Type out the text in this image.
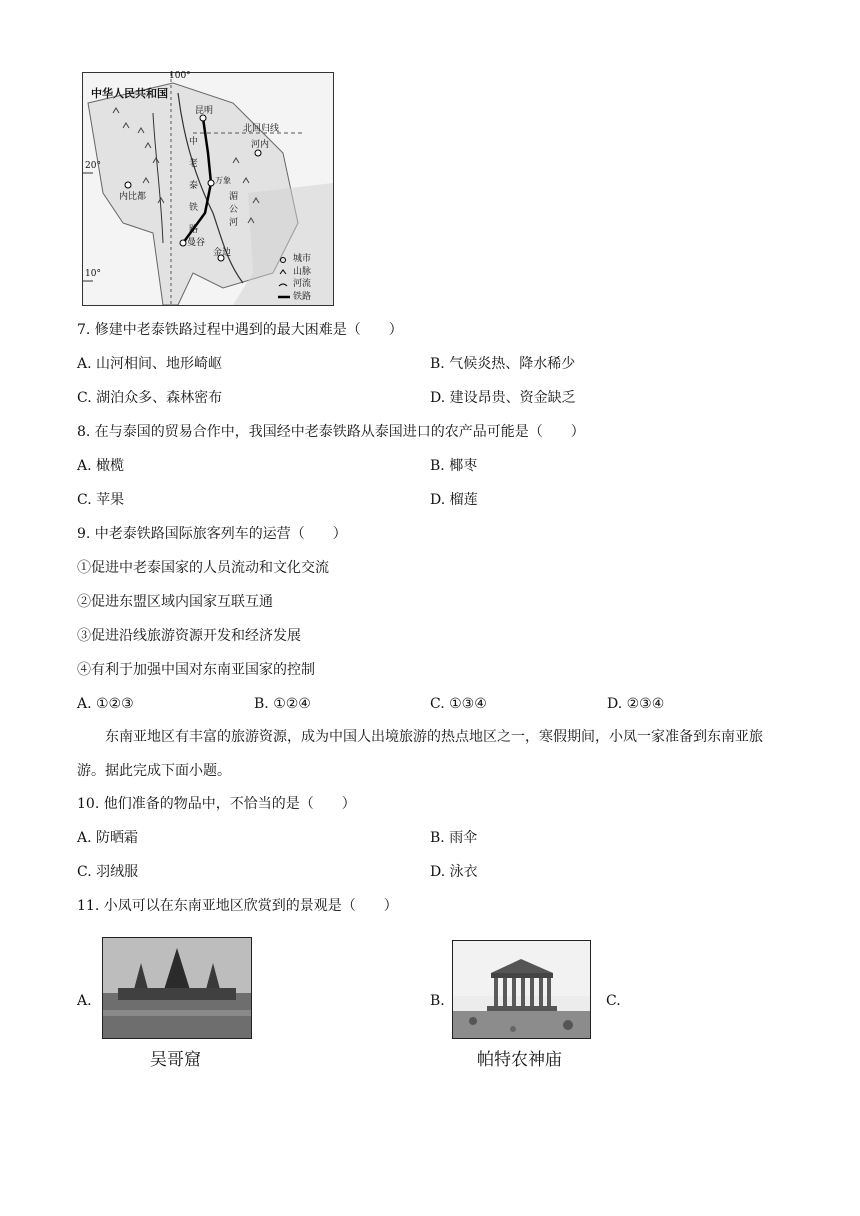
中华人民共和国
100°
20°
10°
北回归线
昆明
河内
内比都
万象
曼谷
金边
中
老
泰
铁
路
湄公河
城市
山脉
河流
铁路
7. 修建中老泰铁路过程中遇到的最大困难是（　　）
A. 山河相间、地形崎岖	B. 气候炎热、降水稀少
C. 湖泊众多、森林密布	D. 建设昂贵、资金缺乏
8. 在与泰国的贸易合作中，我国经中老泰铁路从泰国进口的农产品可能是（　　）
A. 橄榄	B. 椰枣
C. 苹果	D. 榴莲
9. 中老泰铁路国际旅客列车的运营（　　）
①促进中老泰国家的人员流动和文化交流
②促进东盟区域内国家互联互通
③促进沿线旅游资源开发和经济发展
④有利于加强中国对东南亚国家的控制
A. ①②③	B. ①②④	C. ①③④	D. ②③④
东南亚地区有丰富的旅游资源，成为中国人出境旅游的热点地区之一，寒假期间，小凤一家准备到东南亚旅游。据此完成下面小题。
10. 他们准备的物品中，不恰当的是（　　）
A. 防晒霜	B. 雨伞
C. 羽绒服	D. 泳衣
11. 小凤可以在东南亚地区欣赏到的景观是（　　）
A.
吴哥窟
B.
帕特农神庙
C.
